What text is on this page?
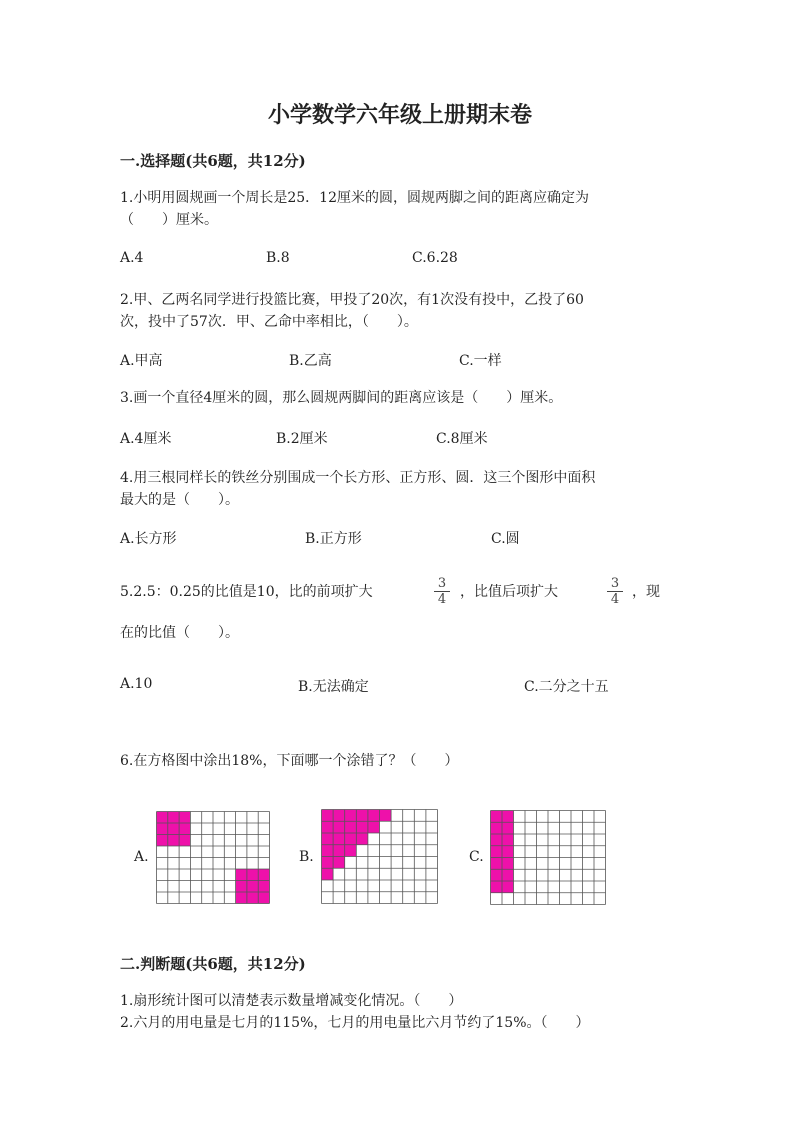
小学数学六年级上册期末卷
一.选择题(共6题，共12分)
1.小明用圆规画一个周长是25．12厘米的圆，圆规两脚之间的距离应确定为
（　　）厘米。
A.4	B.8	C.6.28
2.甲、乙两名同学进行投篮比赛，甲投了20次，有1次没有投中，乙投了60
次，投中了57次．甲、乙命中率相比，（　　）。
A.甲高	B.乙高	C.一样
3.画一个直径4厘米的圆，那么圆规两脚间的距离应该是（　　）厘米。
A.4厘米	B.2厘米	C.8厘米
4.用三根同样长的铁丝分别围成一个长方形、正方形、圆．这三个图形中面积
最大的是（　　）。
A.长方形	B.正方形	C.圆
5.2.5：0.25的比值是10，比的前项扩大	$\frac{3}{4}$ ，比值后项扩大	$\frac{3}{4}$ ，现
在的比值（　　）。
A.10	B.无法确定	C.二分之十五
6.在方格图中涂出18%，下面哪一个涂错了？（　　）
A.	B.	C.
二.判断题(共6题，共12分)
1.扇形统计图可以清楚表示数量增减变化情况。（　　）
2.六月的用电量是七月的115%，七月的用电量比六月节约了15%。（　　）
